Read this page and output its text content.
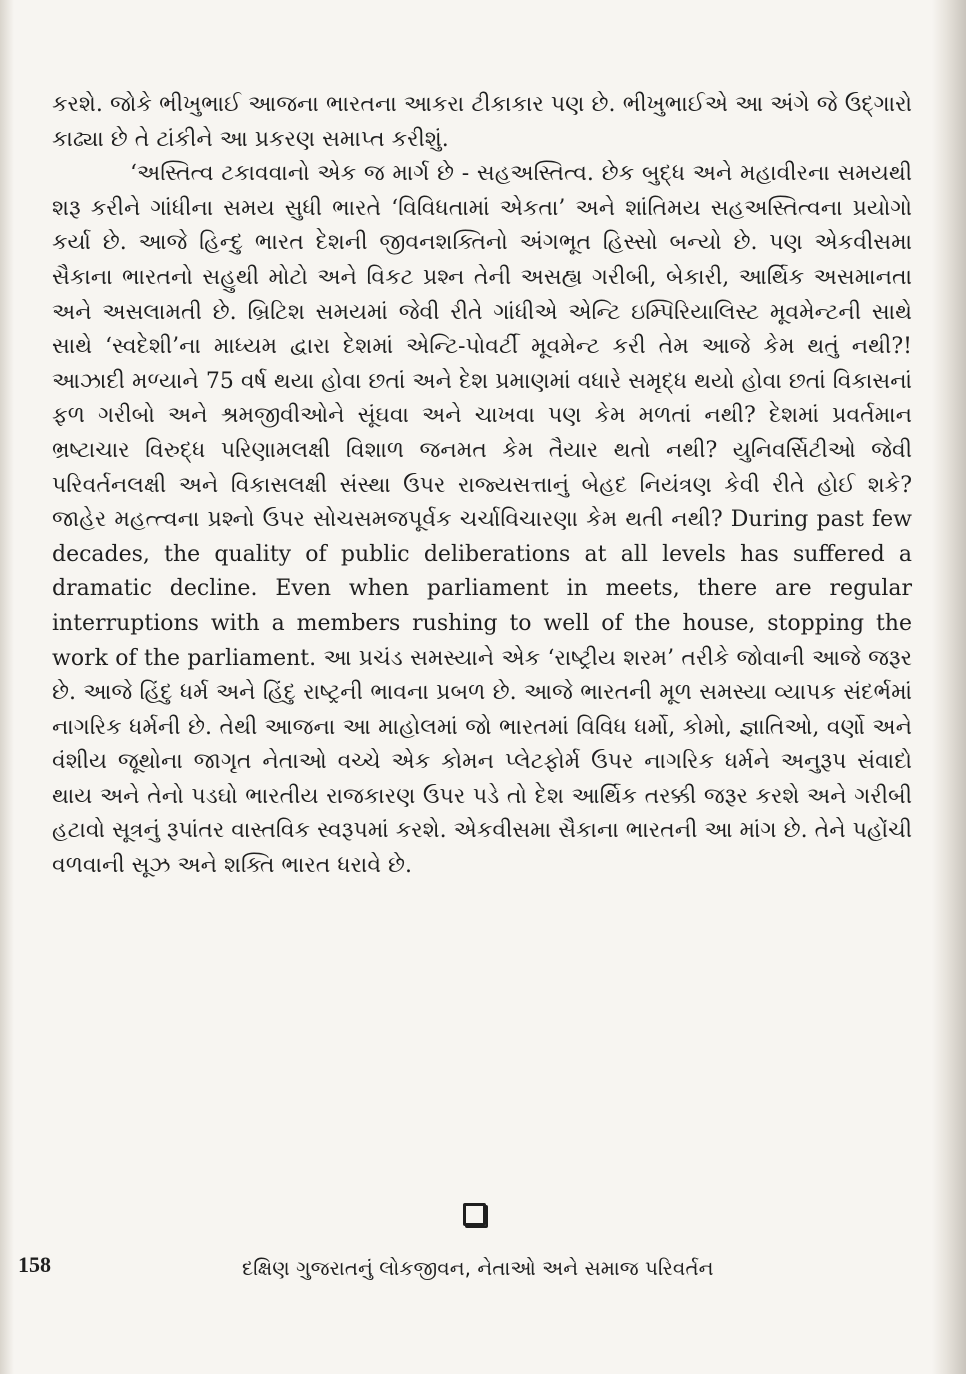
કરશે. જોકે ભીખુભાઈ આજના ભારતના આકરા ટીકાકાર પણ છે. ભીખુભાઈએ આ અંગે જે ઉદ્ગારો કાઢ્યા છે તે ટાંકીને આ પ્રકરણ સમાપ્ત કરીશું.

‘અસ્તિત્વ ટકાવવાનો એક જ માર્ગ છે - સહઅસ્તિત્વ. છેક બુદ્ધ અને મહાવીરના સમયથી શરૂ કરીને ગાંધીના સમય સુધી ભારતે ‘વિવિધતામાં એકતા’ અને શાંતિમય સહઅસ્તિત્વના પ્રયોગો કર્યા છે. આજે હિન્દુ ભારત દેશની જીવનશક્તિનો અંગભૂત હિસ્સો બન્યો છે. પણ એકવીસમા સૈકાના ભારતનો સહુથી મોટો અને વિકટ પ્રશ્ન તેની અસહ્ય ગરીબી, બેકારી, આર્થિક અસમાનતા અને અસલામતી છે. બ્રિટિશ સમયમાં જેવી રીતે ગાંધીએ એન્ટિ ઇમ્પિરિયાલિસ્ટ મૂવમેન્ટની સાથે સાથે ‘સ્વદેશી’ના માધ્યમ દ્વારા દેશમાં એન્ટિ-પોવર્ટી મૂવમેન્ટ કરી તેમ આજે કેમ થતું નથી?! આઝાદી મળ્યાને 75 વર્ષ થયા હોવા છતાં અને દેશ પ્રમાણમાં વધારે સમૃદ્ધ થયો હોવા છતાં વિકાસનાં ફળ ગરીબો અને શ્રમજીવીઓને સૂંઘવા અને ચાખવા પણ કેમ મળતાં નથી? દેશમાં પ્રવર્તમાન ભ્રષ્ટાચાર વિરુદ્ધ પરિણામલક્ષી વિશાળ જનમત કેમ તૈયાર થતો નથી? યુનિવર્સિટીઓ જેવી પરિવર્તનલક્ષી અને વિકાસલક્ષી સંસ્થા ઉપર રાજ્યસત્તાનું બેહદ નિયંત્રણ કેવી રીતે હોઈ શકે? જાહેર મહત્ત્વના પ્રશ્નો ઉપર સોચસમજપૂર્વક ચર્ચાવિચારણા કેમ થતી નથી? During past few decades, the quality of public deliberations at all levels has suffered a dramatic decline. Even when parliament in meets, there are regular interruptions with a members rushing to well of the house, stopping the work of the parliament. આ પ્રચંડ સમસ્યાને એક ‘રાષ્ટ્રીય શરમ’ તરીકે જોવાની આજે જરૂર છે. આજે હિંદુ ધર્મ અને હિંદુ રાષ્ટ્રની ભાવના પ્રબળ છે. આજે ભારતની મૂળ સમસ્યા વ્યાપક સંદર્ભમાં નાગરિક ધર્મની છે. તેથી આજના આ માહોલમાં જો ભારતમાં વિવિધ ધર્મો, કોમો, જ્ઞાતિઓ, વર્ણો અને વંશીય જૂથોના જાગૃત નેતાઓ વચ્ચે એક કોમન પ્લેટફોર્મ ઉપર નાગરિક ધર્મને અનુરૂપ સંવાદો થાય અને તેનો પડઘો ભારતીય રાજકારણ ઉપર પડે તો દેશ આર્થિક તરક્કી જરૂર કરશે અને ગરીબી હટાવો સૂત્રનું રૂપાંતર વાસ્તવિક સ્વરૂપમાં કરશે. એકવીસમા સૈકાના ભારતની આ માંગ છે. તેને પહોંચી વળવાની સૂઝ અને શક્તિ ભારત ધરાવે છે.

158	દક્ષિણ ગુજરાતનું લોકજીવન, નેતાઓ અને સમાજ પરિવર્તન
